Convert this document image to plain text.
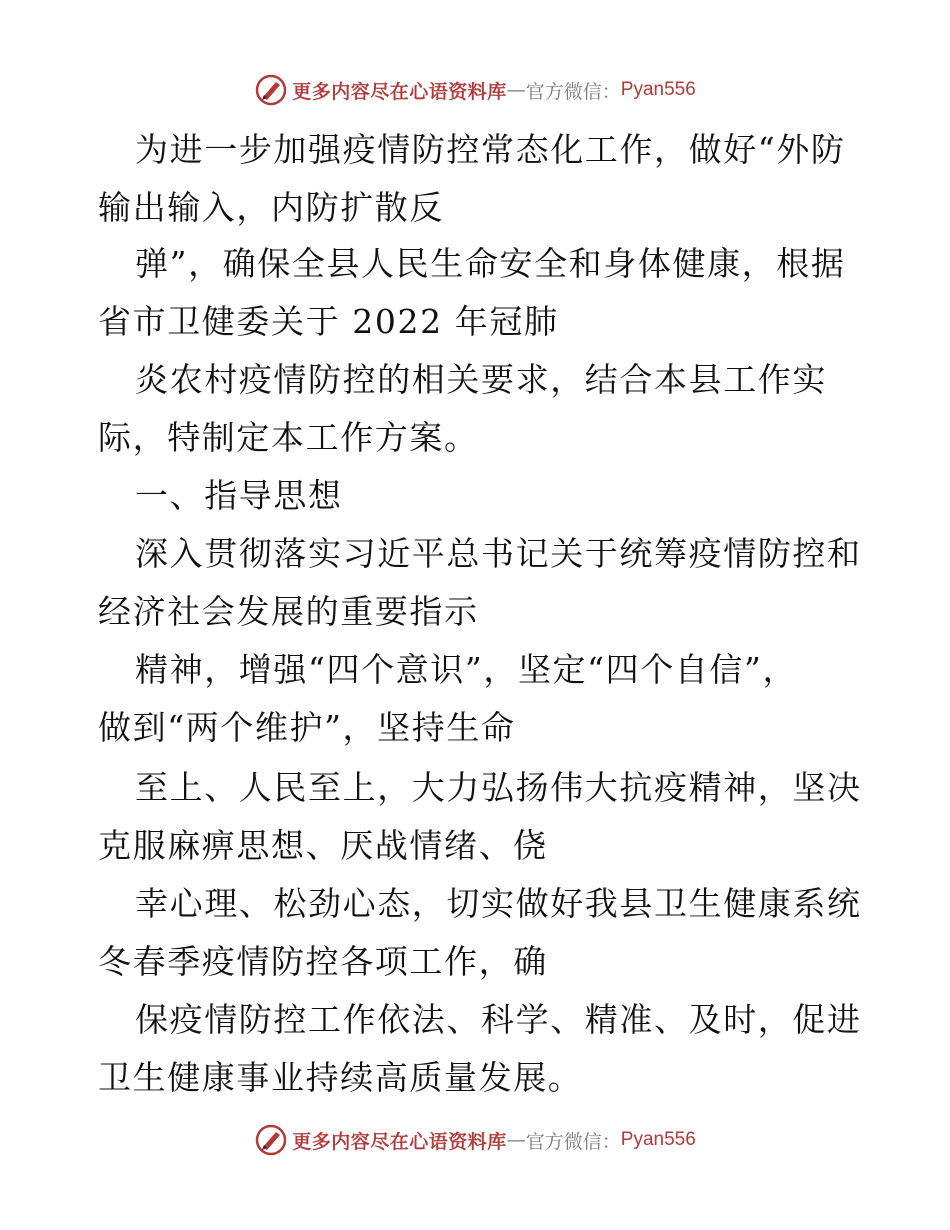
更多内容尽在心语资料库 — 官方微信 ： Pyan556
为进一步加强疫情防控常态化工作，做好“外防
输出输入，内防扩散反
弹”，确保全县人民生命安全和身体健康，根据
省市卫健委关于 2022 年冠肺
炎农村疫情防控的相关要求，结合本县工作实
际，特制定本工作方案。
一、指导思想
深入贯彻落实习近平总书记关于统筹疫情防控和
经济社会发展的重要指示
精神，增强“四个意识”，坚定“四个自信”，
做到“两个维护”，坚持生命
至上、人民至上，大力弘扬伟大抗疫精神，坚决
克服麻痹思想、厌战情绪、侥
幸心理、松劲心态，切实做好我县卫生健康系统
冬春季疫情防控各项工作，确
保疫情防控工作依法、科学、精准、及时，促进
卫生健康事业持续高质量发展。
更多内容尽在心语资料库 — 官方微信 ： Pyan556
